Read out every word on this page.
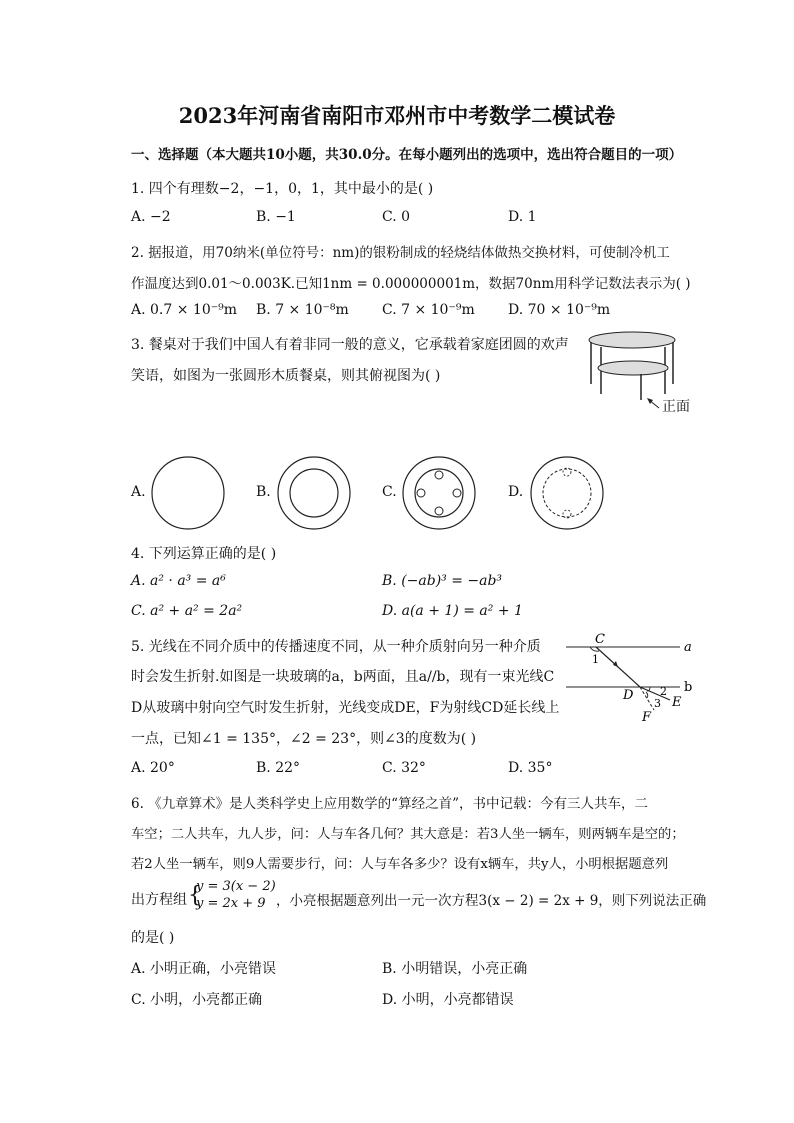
2023年河南省南阳市邓州市中考数学二模试卷
一、选择题（本大题共10小题，共30.0分。在每小题列出的选项中，选出符合题目的一项）
1. 四个有理数−2，−1，0，1，其中最小的是( )
A. −2	B. −1	C. 0	D. 1
2. 据报道，用70纳米(单位符号：nm)的银粉制成的轻烧结体做热交换材料，可使制冷机工
作温度达到0.01～0.003K.已知1nm = 0.000000001m，数据70nm用科学记数法表示为( )
A. 0.7 × 10⁻⁹m B. 7 × 10⁻⁸m C. 7 × 10⁻⁹m D. 70 × 10⁻⁹m
3. 餐桌对于我们中国人有着非同一般的意义，它承载着家庭团圆的欢声
笑语，如图为一张圆形木质餐桌，则其俯视图为( )
正面
A.	B.	C.	D.
4. 下列运算正确的是( )
A. a² · a³ = a⁶	B. (−ab)³ = −ab³
C. a² + a² = 2a²	D. a(a + 1) = a² + 1
5. 光线在不同介质中的传播速度不同，从一种介质射向另一种介质
时会发生折射.如图是一块玻璃的a，b两面，且a//b，现有一束光线C
D从玻璃中射向空气时发生折射，光线变成DE，F为射线CD延长线上
一点，已知∠1 = 135°，∠2 = 23°，则∠3的度数为( )
C
a
b
1
D 2
3 E
F
A. 20°	B. 22°	C. 32°	D. 35°
6. 《九章算术》是人类科学史上应用数学的“算经之首”，书中记载：今有三人共车，二
车空；二人共车，九人步，问：人与车各几何？其大意是：若3人坐一辆车，则两辆车是空的；
若2人坐一辆车，则9人需要步行，问：人与车各多少？设有x辆车，共y人，小明根据题意列
出方程组 {
y = 3(x − 2)
y = 2x + 9 ，小亮根据题意列出一元一次方程3(x − 2) = 2x + 9，则下列说法正确
的是( )
A. 小明正确，小亮错误	B. 小明错误，小亮正确
C. 小明，小亮都正确	D. 小明，小亮都错误
